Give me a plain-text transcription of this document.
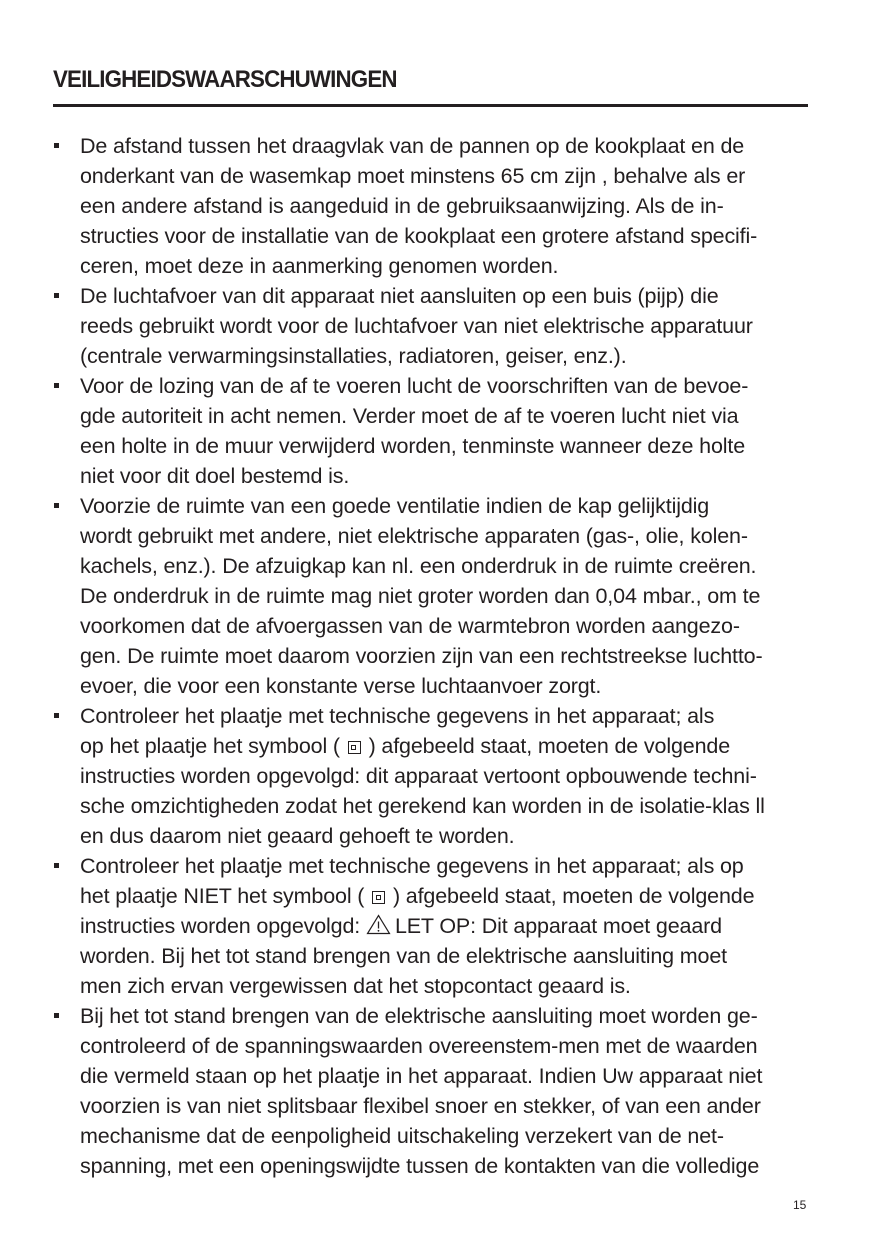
VEILIGHEIDSWAARSCHUWINGEN
De afstand tussen het draagvlak van de pannen op de kookplaat en de
onderkant van de wasemkap moet minstens 65 cm zijn , behalve als er
een andere afstand is aangeduid in de gebruiksaanwijzing. Als de in-
structies voor de installatie van de kookplaat een grotere afstand specifi-
ceren, moet deze in aanmerking genomen worden.
De luchtafvoer van dit apparaat niet aansluiten op een buis (pijp) die
reeds gebruikt wordt voor de luchtafvoer van niet elektrische apparatuur
(centrale verwarmingsinstallaties, radiatoren, geiser, enz.).
Voor de lozing van de af te voeren lucht de voorschriften van de bevoe-
gde autoriteit in acht nemen. Verder moet de af te voeren lucht niet via
een holte in de muur verwijderd worden, tenminste wanneer deze holte
niet voor dit doel bestemd is.
Voorzie de ruimte van een goede ventilatie indien de kap gelijktijdig
wordt gebruikt met andere, niet elektrische apparaten (gas-, olie, kolen-
kachels, enz.). De afzuigkap kan nl. een onderdruk in de ruimte creëren.
De onderdruk in de ruimte mag niet groter worden dan 0,04 mbar., om te
voorkomen dat de afvoergassen van de warmtebron worden aangezo-
gen. De ruimte moet daarom voorzien zijn van een rechtstreekse luchtto-
evoer, die voor een konstante verse luchtaanvoer zorgt.
Controleer het plaatje met technische gegevens in het apparaat; als
op het plaatje het symbool ( ) afgebeeld staat, moeten de volgende
instructies worden opgevolgd: dit apparaat vertoont opbouwende techni-
sche omzichtigheden zodat het gerekend kan worden in de isolatie-klas ll
en dus daarom niet geaard gehoeft te worden.
Controleer het plaatje met technische gegevens in het apparaat; als op
het plaatje NIET het symbool ( ) afgebeeld staat, moeten de volgende
instructies worden opgevolgd: LET OP: Dit apparaat moet geaard
worden. Bij het tot stand brengen van de elektrische aansluiting moet
men zich ervan vergewissen dat het stopcontact geaard is.
Bij het tot stand brengen van de elektrische aansluiting moet worden ge-
controleerd of de spanningswaarden overeenstem-men met de waarden
die vermeld staan op het plaatje in het apparaat. Indien Uw apparaat niet
voorzien is van niet splitsbaar flexibel snoer en stekker, of van een ander
mechanisme dat de eenpoligheid uitschakeling verzekert van de net-
spanning, met een openingswijdte tussen de kontakten van die volledige
15
